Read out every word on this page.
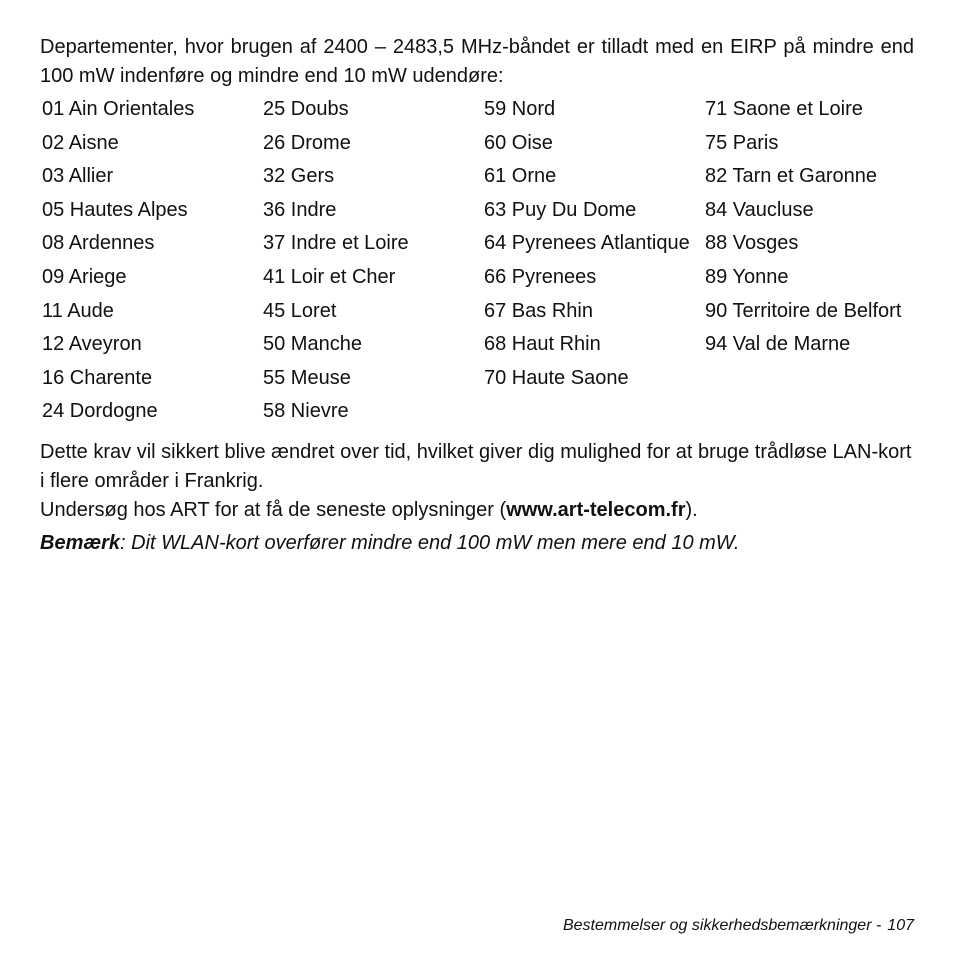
Departementer, hvor brugen af 2400 – 2483,5 MHz-båndet er tilladt med en EIRP på mindre end 100 mW indenføre og mindre end 10 mW udendøre:

01 Ain Orientales
02 Aisne
03 Allier
05 Hautes Alpes
08 Ardennes
09 Ariege
11 Aude
12 Aveyron
16 Charente
24 Dordogne
25 Doubs
26 Drome
32 Gers
36 Indre
37 Indre et Loire
41 Loir et Cher
45 Loret
50 Manche
55 Meuse
58 Nievre
59 Nord
60 Oise
61 Orne
63 Puy Du Dome
64 Pyrenees Atlantique
66 Pyrenees
67 Bas Rhin
68 Haut Rhin
70 Haute Saone
71 Saone et Loire
75 Paris
82 Tarn et Garonne
84 Vaucluse
88 Vosges
89 Yonne
90 Territoire de Belfort
94 Val de Marne

Dette krav vil sikkert blive ændret over tid, hvilket giver dig mulighed for at bruge trådløse LAN-kort i flere områder i Frankrig.

Undersøg hos ART for at få de seneste oplysninger (www.art-telecom.fr).

Bemærk: Dit WLAN-kort overfører mindre end 100 mW men mere end 10 mW.

Bestemmelser og sikkerhedsbemærkninger - 107
